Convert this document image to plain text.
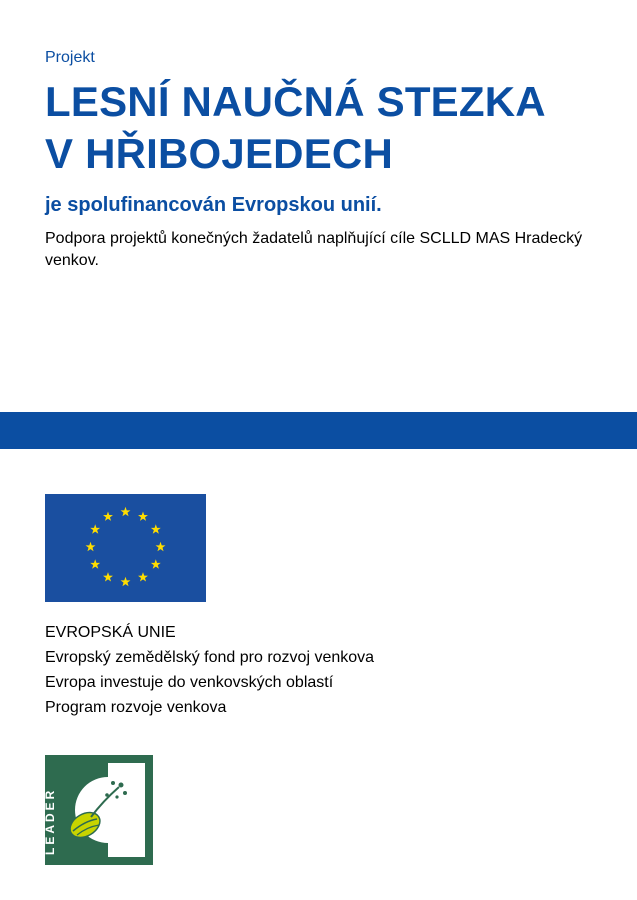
Projekt
LESNÍ NAUČNÁ STEZKA
V HŘIBOJEDECH
je spolufinancován Evropskou unií.
Podpora projektů konečných žadatelů naplňující cíle SCLLD MAS Hradecký venkov.
EVROPSKÁ UNIE
Evropský zemědělský fond pro rozvoj venkova
Evropa investuje do venkovských oblastí
Program rozvoje venkova
LEADER
